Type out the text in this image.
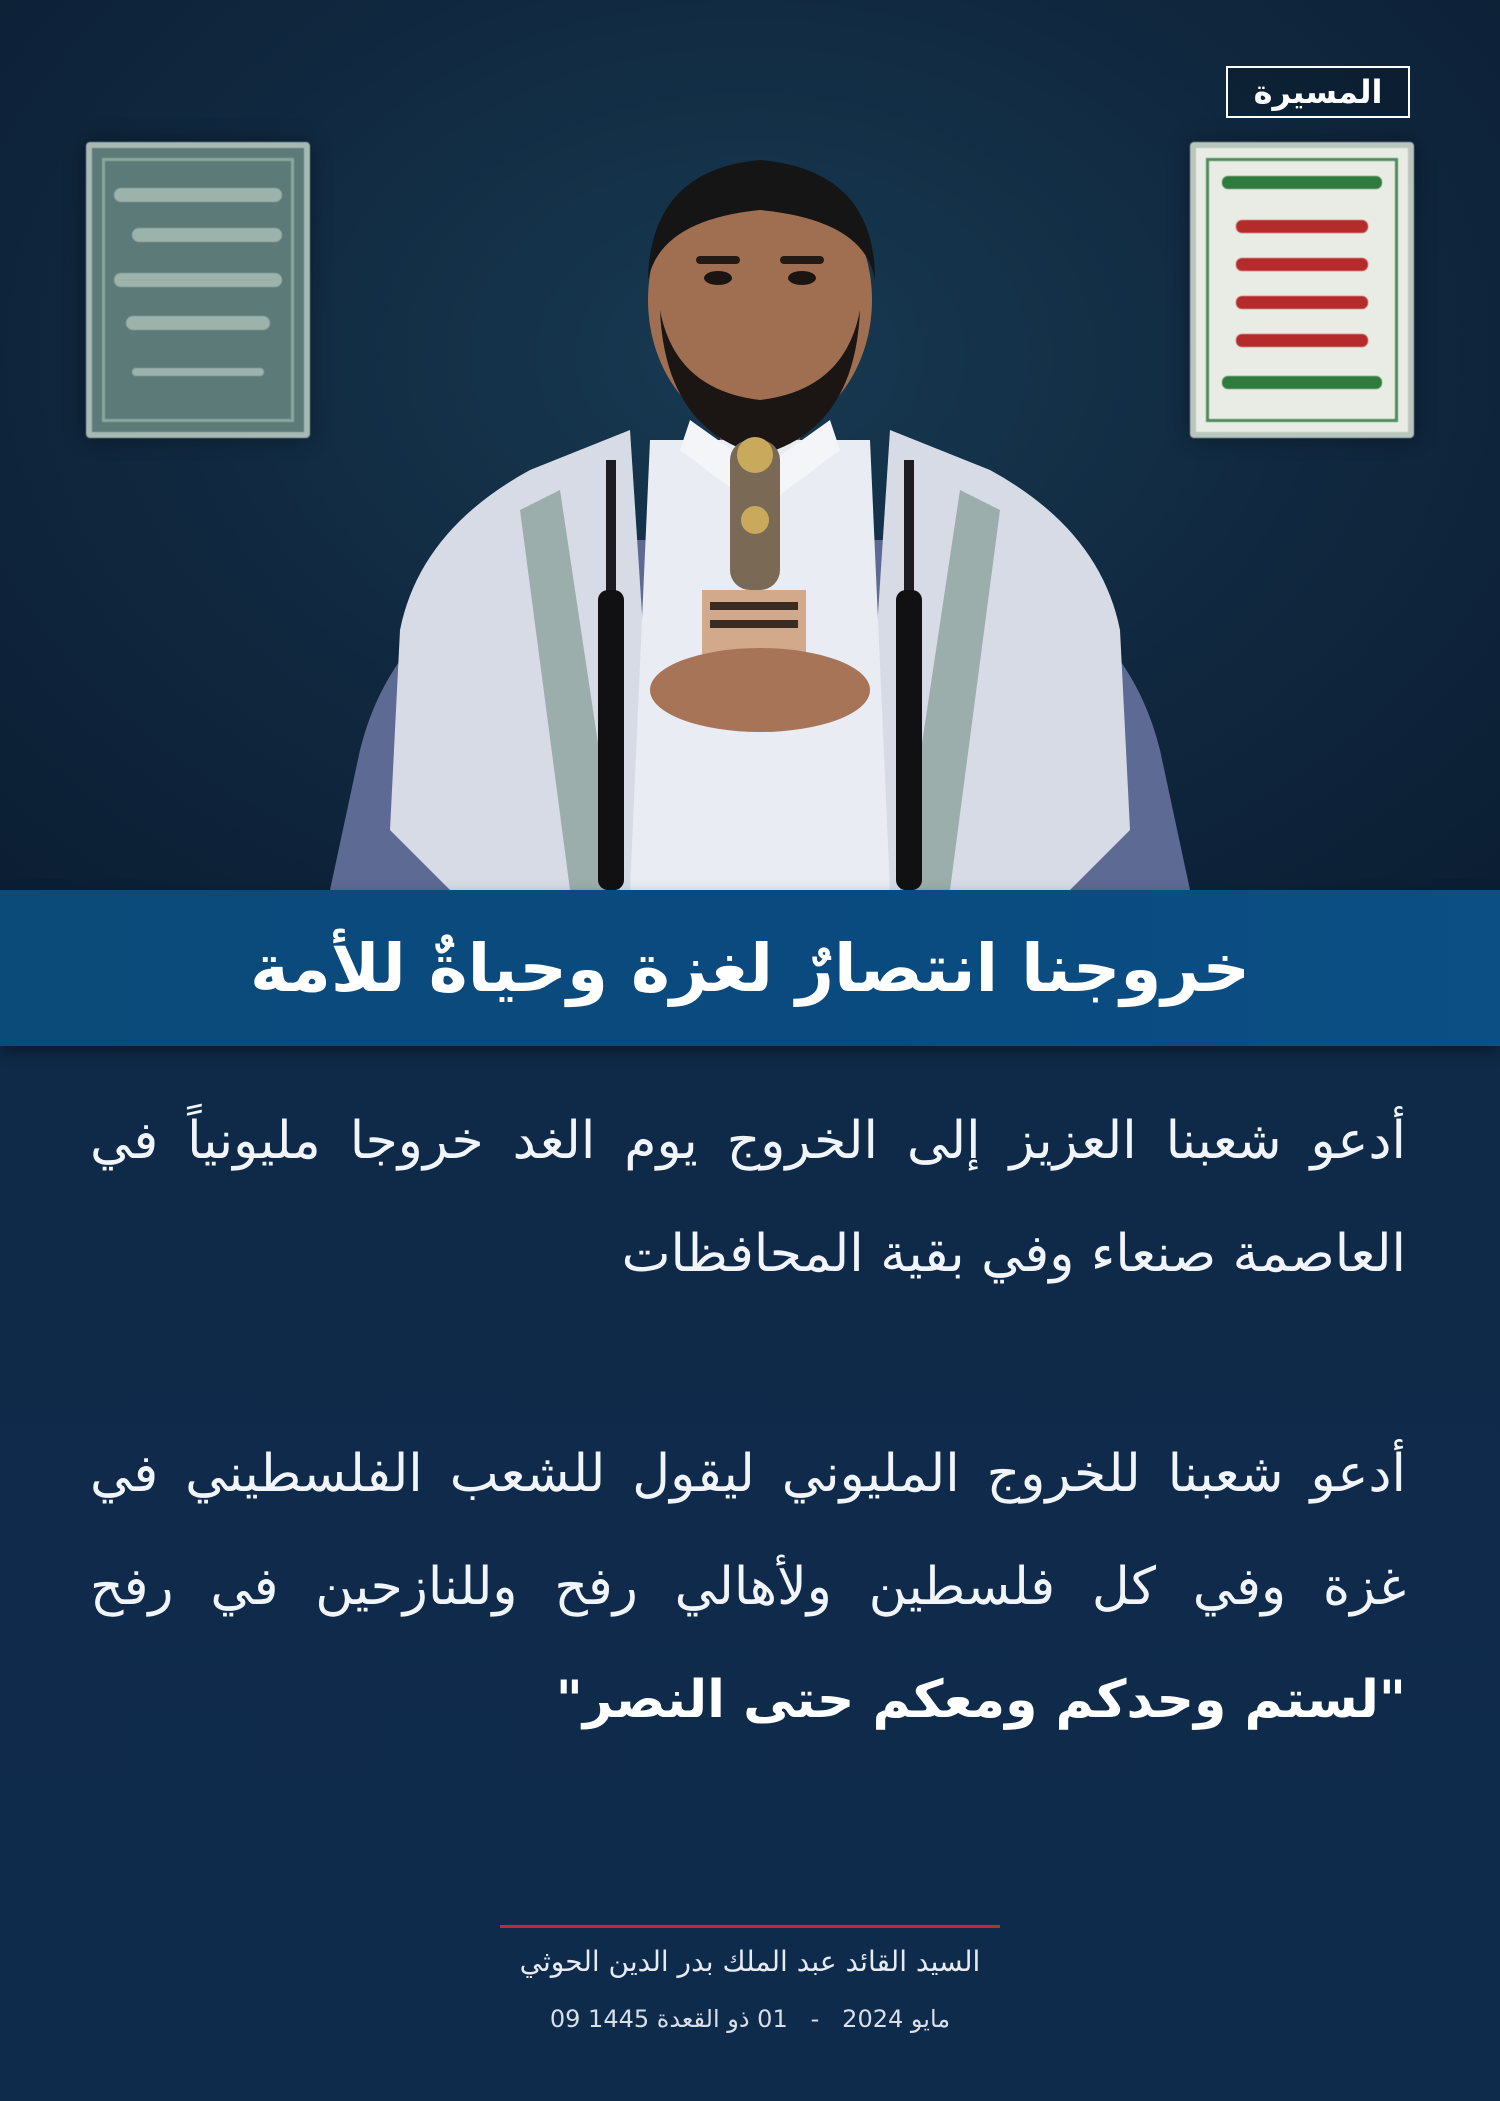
المسيرة
خروجنا انتصارٌ لغزة وحياةٌ للأمة
أدعو شعبنا العزيز إلى الخروج يوم الغد خروجا مليونياً في العاصمة صنعاء وفي بقية المحافظات
أدعو شعبنا للخروج المليوني ليقول للشعب الفلسطيني في غزة وفي كل فلسطين ولأهالي رفح وللنازحين في رفح "لستم وحدكم ومعكم حتى النصر"
السيد القائد عبد الملك بدر الدين الحوثي
09 مايو 2024   -   01 ذو القعدة 1445
